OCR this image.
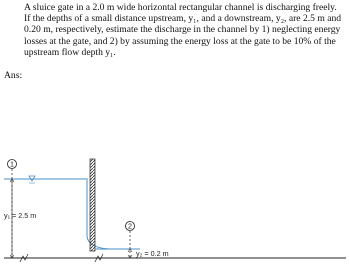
A sluice gate in a 2.0 m wide horizontal rectangular channel is discharging freely. If the depths of a small distance upstream, y₁, and a downstream, y₂, are 2.5 m and 0.20 m, respectively, estimate the discharge in the channel by 1) neglecting energy losses at the gate, and 2) by assuming the energy loss at the gate to be 10% of the upstream flow depth y₁.

Ans:
1
y₁ = 2.5 m
2
y₂ = 0.2 m
